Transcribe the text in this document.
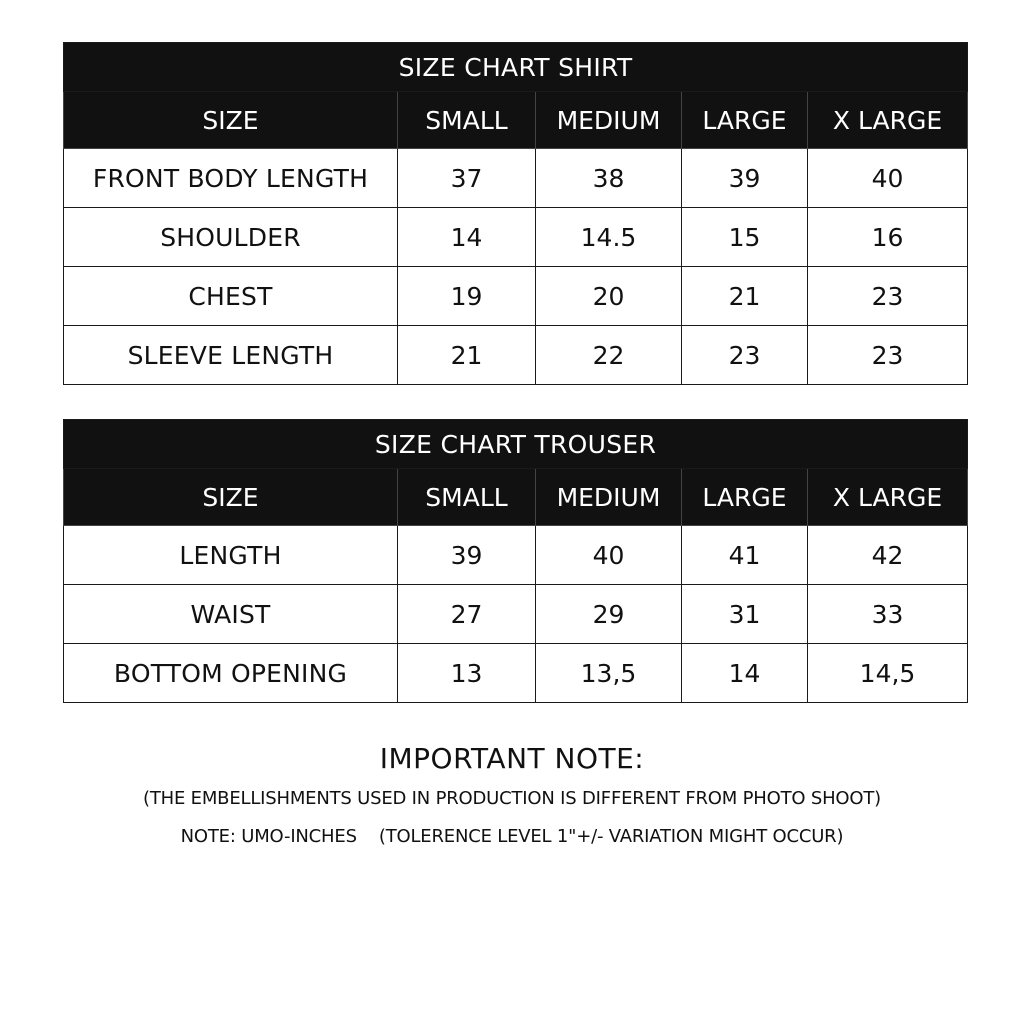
SIZE CHART SHIRT				
SIZE	SMALL	MEDIUM	LARGE	X LARGE
FRONT BODY LENGTH	37	38	39	40
SHOULDER	14	14.5	15	16
CHEST	19	20	21	23
SLEEVE LENGTH	21	22	23	23
SIZE CHART TROUSER				
SIZE	SMALL	MEDIUM	LARGE	X LARGE
LENGTH	39	40	41	42
WAIST	27	29	31	33
BOTTOM OPENING	13	13,5	14	14,5
IMPORTANT NOTE:
(THE EMBELLISHMENTS USED IN PRODUCTION IS DIFFERENT FROM PHOTO SHOOT)
NOTE: UMO-INCHES    (TOLERENCE LEVEL 1"+/- VARIATION MIGHT OCCUR)
